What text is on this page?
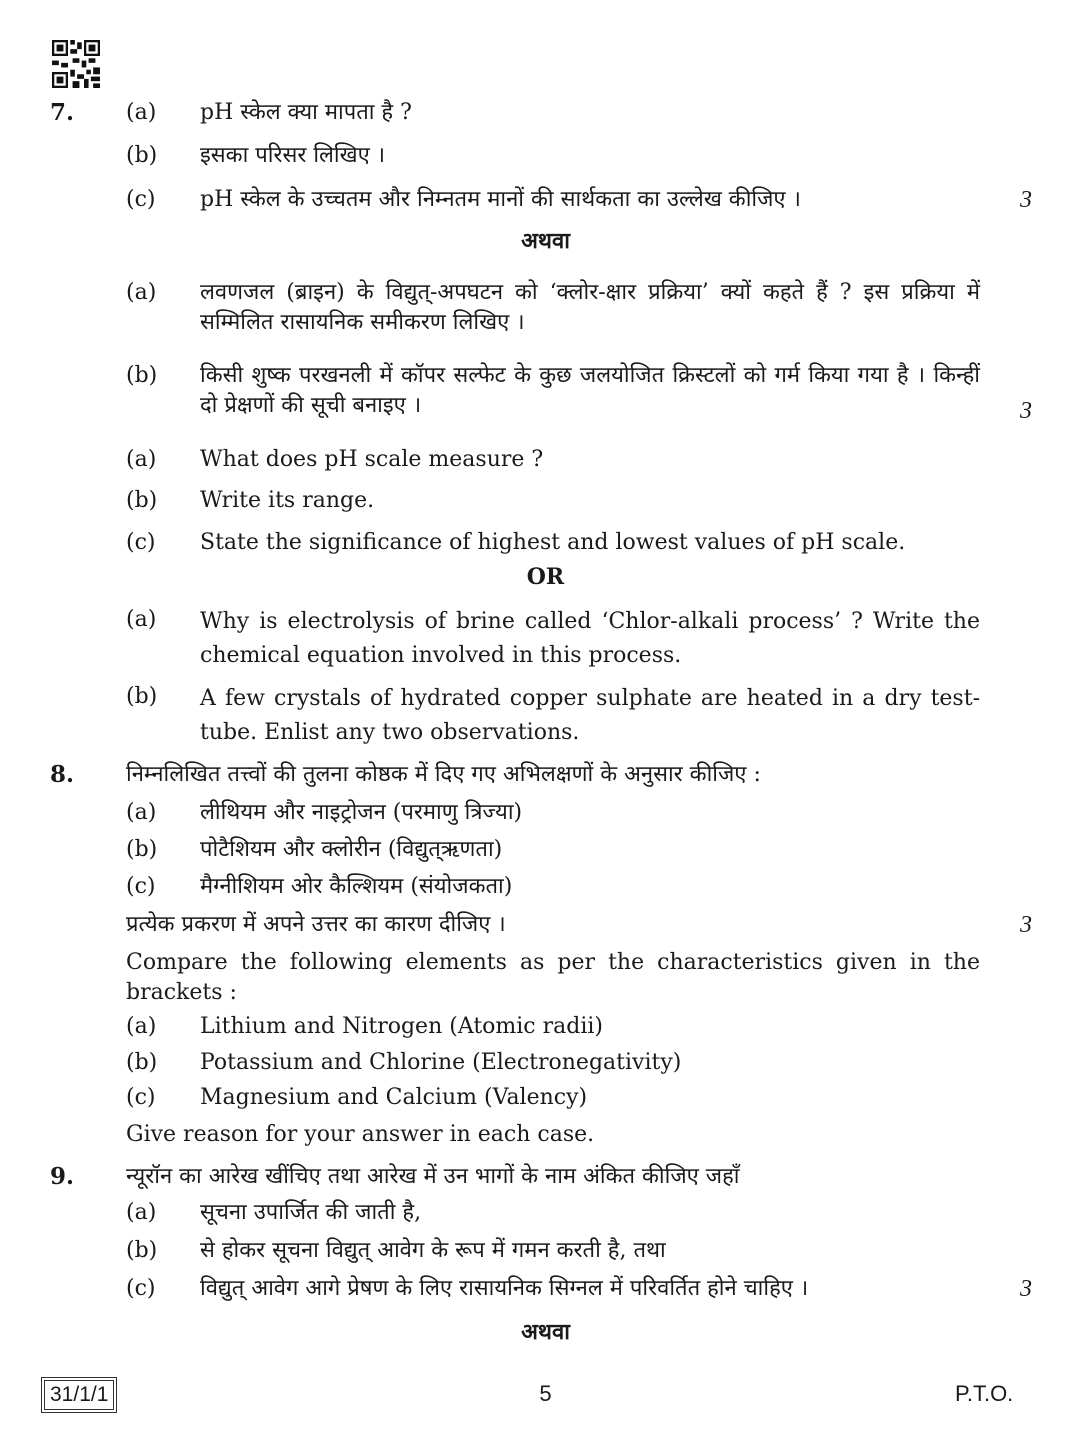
7. (a) pH स्केल क्या मापता है ?
(b) इसका परिसर लिखिए ।
(c) pH स्केल के उच्चतम और निम्नतम मानों की सार्थकता का उल्लेख कीजिए ।	3
अथवा
(a) लवणजल (ब्राइन) के विद्युत्-अपघटन को ‘क्लोर-क्षार प्रक्रिया’ क्यों कहते हैं ? इस प्रक्रिया में सम्मिलित रासायनिक समीकरण लिखिए ।
(b) किसी शुष्क परखनली में कॉपर सल्फेट के कुछ जलयोजित क्रिस्टलों को गर्म किया गया है । किन्हीं दो प्रेक्षणों की सूची बनाइए ।	3
(a) What does pH scale measure ?
(b) Write its range.
(c) State the significance of highest and lowest values of pH scale.
OR
(a) Why is electrolysis of brine called ‘Chlor-alkali process’ ? Write the chemical equation involved in this process.
(b) A few crystals of hydrated copper sulphate are heated in a dry test-tube. Enlist any two observations.
8. निम्नलिखित तत्त्वों की तुलना कोष्ठक में दिए गए अभिलक्षणों के अनुसार कीजिए :
(a) लीथियम और नाइट्रोजन (परमाणु त्रिज्या)
(b) पोटैशियम और क्लोरीन (विद्युत्ऋणता)
(c) मैग्नीशियम ओर कैल्शियम (संयोजकता)
प्रत्येक प्रकरण में अपने उत्तर का कारण दीजिए ।	3
Compare the following elements as per the characteristics given in the brackets :
(a) Lithium and Nitrogen (Atomic radii)
(b) Potassium and Chlorine (Electronegativity)
(c) Magnesium and Calcium (Valency)
Give reason for your answer in each case.
9. न्यूरॉन का आरेख खींचिए तथा आरेख में उन भागों के नाम अंकित कीजिए जहाँ
(a) सूचना उपार्जित की जाती है,
(b) से होकर सूचना विद्युत् आवेग के रूप में गमन करती है, तथा
(c) विद्युत् आवेग आगे प्रेषण के लिए रासायनिक सिग्नल में परिवर्तित होने चाहिए ।	3
अथवा
31/1/1	5	P.T.O.
